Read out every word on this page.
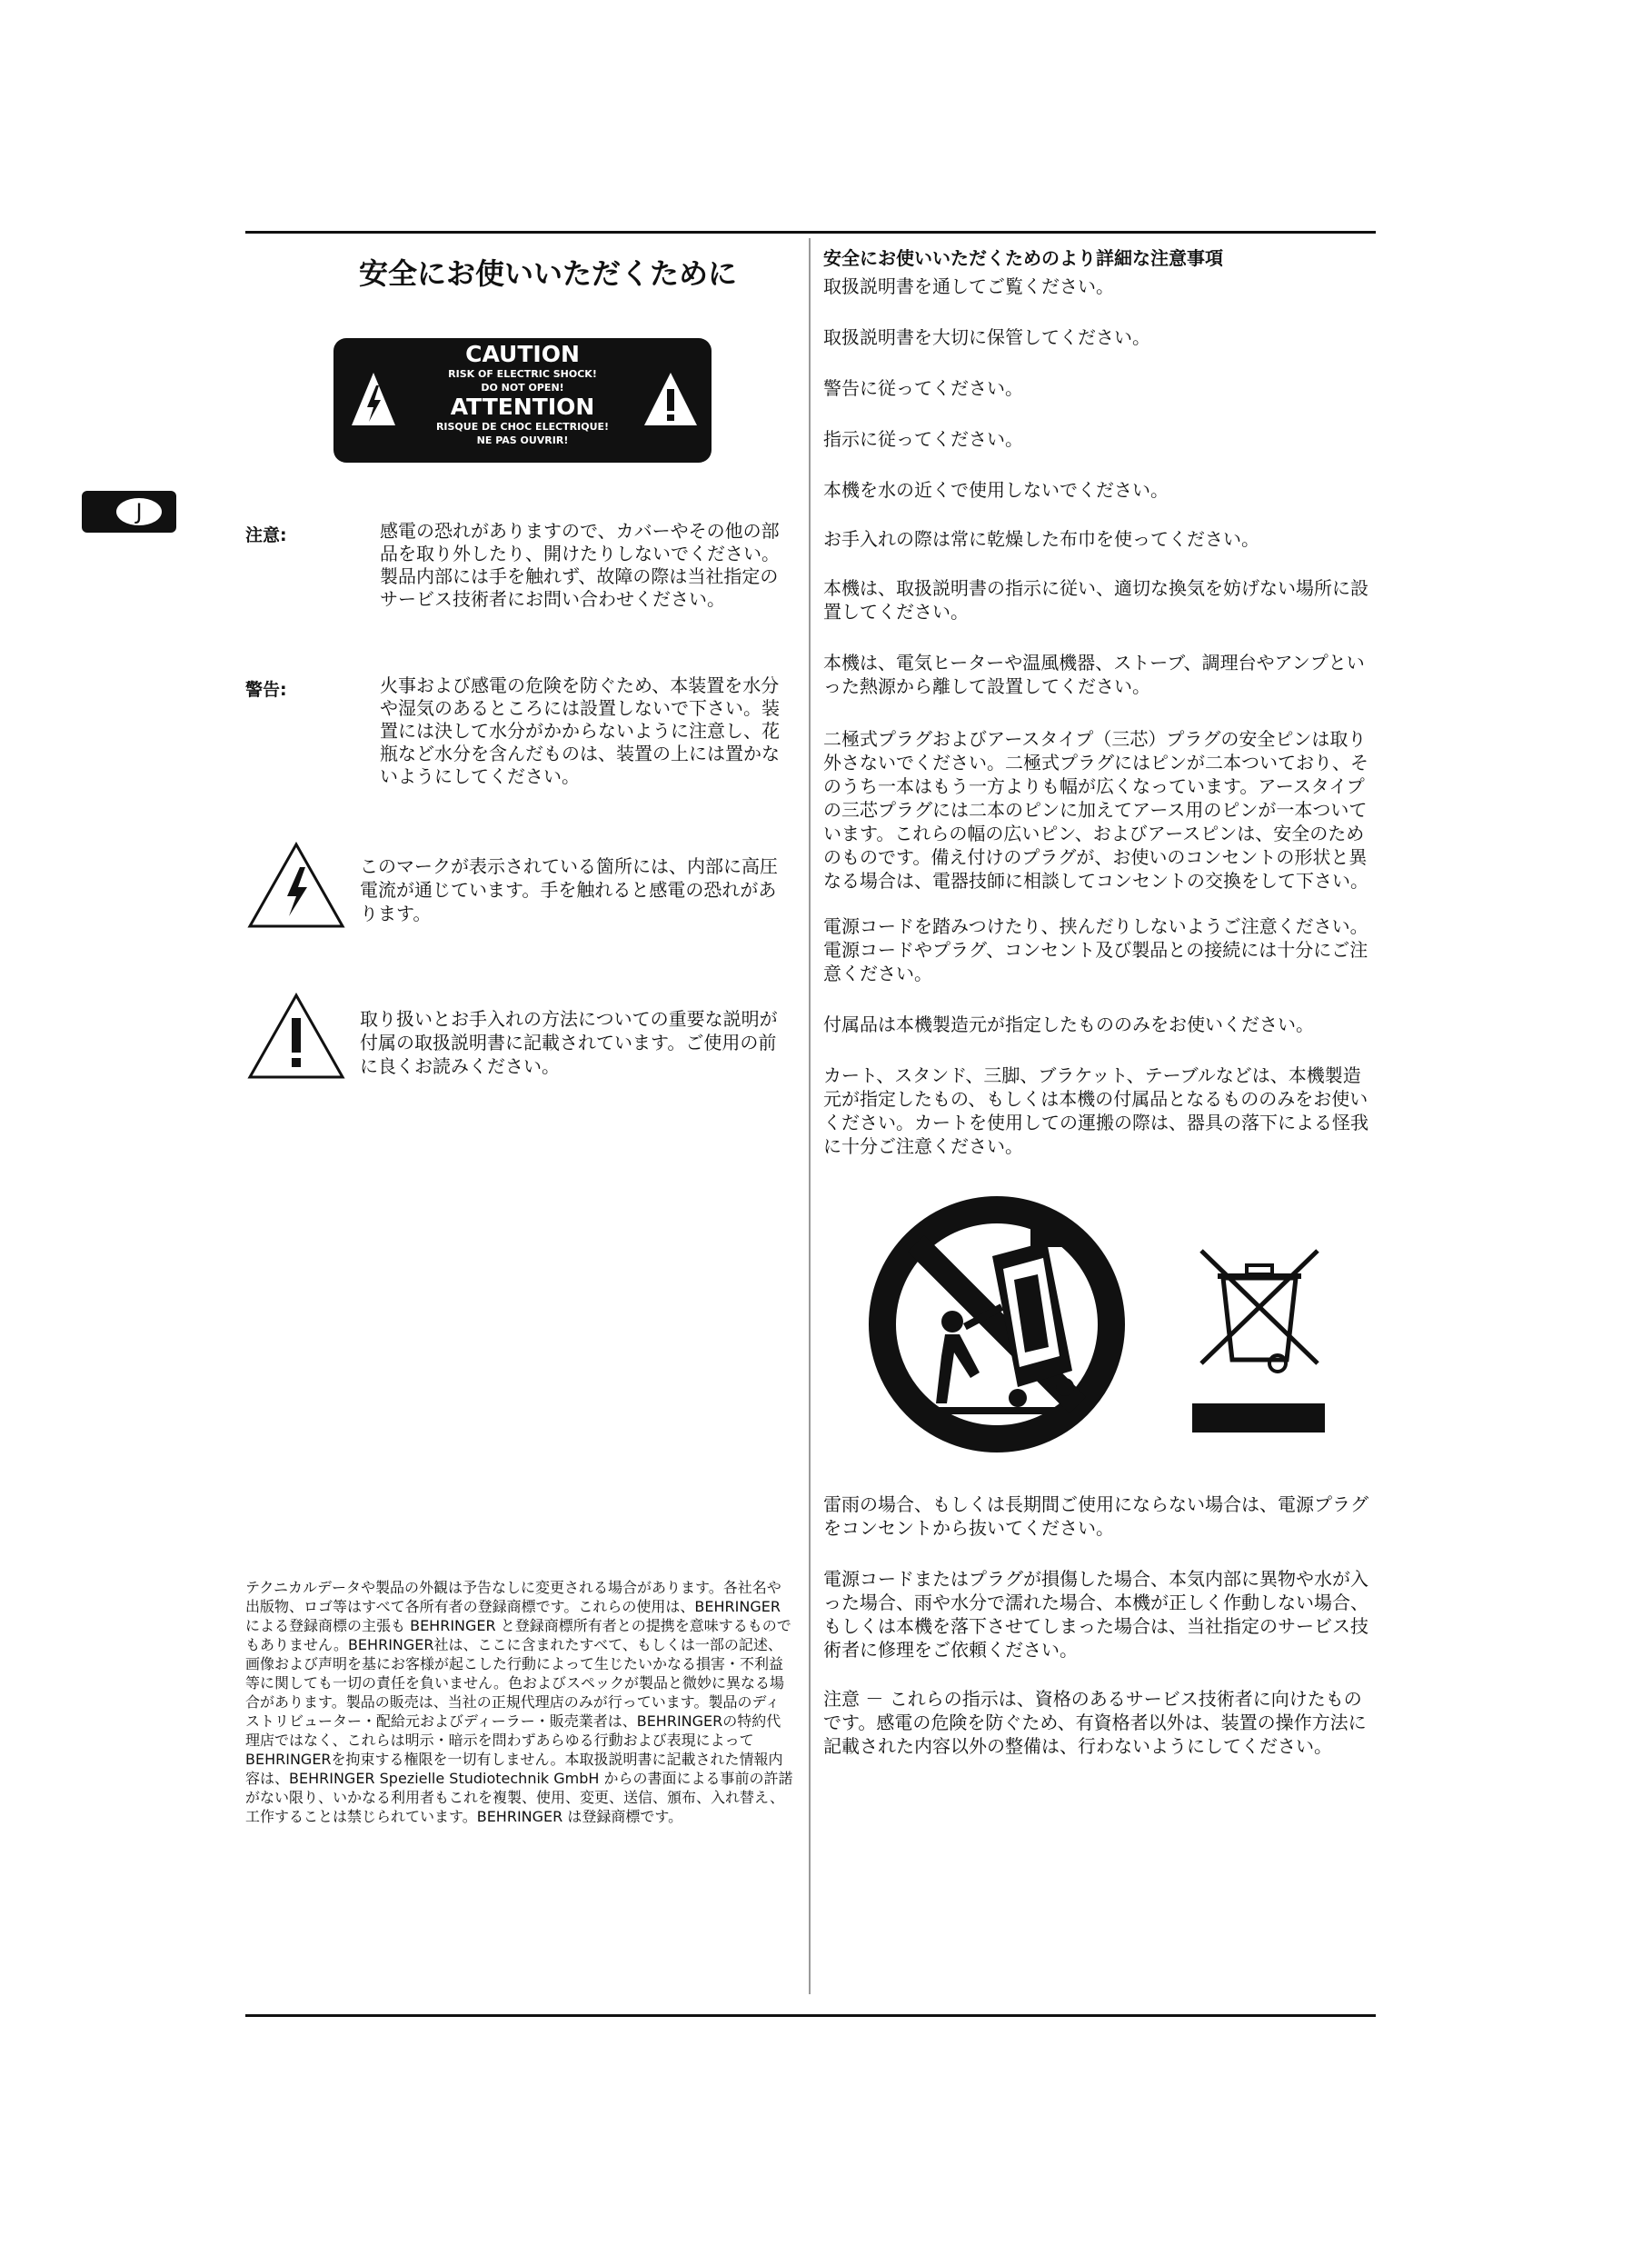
J
安全にお使いいただくために
CAUTION
RISK OF ELECTRIC SHOCK!
DO NOT OPEN!
ATTENTION
RISQUE DE CHOC ELECTRIQUE!
NE PAS OUVRIR!
注意:	感電の恐れがありますので、カバーやその他の部品を取り外したり、開けたりしないでください。製品内部には手を触れず、故障の際は当社指定のサービス技術者にお問い合わせください。
警告:	火事および感電の危険を防ぐため、本装置を水分や湿気のあるところには設置しないで下さい。装置には決して水分がかからないように注意し、花瓶など水分を含んだものは、装置の上には置かないようにしてください。
このマークが表示されている箇所には、内部に高圧電流が通じています。手を触れると感電の恐れがあります。
取り扱いとお手入れの方法についての重要な説明が付属の取扱説明書に記載されています。ご使用の前に良くお読みください。
テクニカルデータや製品の外観は予告なしに変更される場合があります。各社名や出版物、ロゴ等はすべて各所有者の登録商標です。これらの使用は、BEHRINGERによる登録商標の主張も BEHRINGER と登録商標所有者との提携を意味するものでもありません。BEHRINGER社は、ここに含まれたすべて、もしくは一部の記述、画像および声明を基にお客様が起こした行動によって生じたいかなる損害・不利益等に関しても一切の責任を負いません。色およびスペックが製品と微妙に異なる場合があります。製品の販売は、当社の正規代理店のみが行っています。製品のディストリビューター・配給元およびディーラー・販売業者は、BEHRINGERの特約代理店ではなく、これらは明示・暗示を問わずあらゆる行動および表現によってBEHRINGERを拘束する権限を一切有しません。本取扱説明書に記載された情報内容は、BEHRINGER Spezielle Studiotechnik GmbH からの書面による事前の許諾がない限り、いかなる利用者もこれを複製、使用、変更、送信、頒布、入れ替え、工作することは禁じられています。BEHRINGER は登録商標です。
安全にお使いいただくためのより詳細な注意事項

取扱説明書を通してご覧ください。

取扱説明書を大切に保管してください。

警告に従ってください。

指示に従ってください。

本機を水の近くで使用しないでください。

お手入れの際は常に乾燥した布巾を使ってください。

本機は、取扱説明書の指示に従い、適切な換気を妨げない場所に設置してください。

本機は、電気ヒーターや温風機器、ストーブ、調理台やアンプといった熱源から離して設置してください。

二極式プラグおよびアースタイプ（三芯）プラグの安全ピンは取り外さないでください。二極式プラグにはピンが二本ついており、そのうち一本はもう一方よりも幅が広くなっています。アースタイプの三芯プラグには二本のピンに加えてアース用のピンが一本ついています。これらの幅の広いピン、およびアースピンは、安全のためのものです。備え付けのプラグが、お使いのコンセントの形状と異なる場合は、電器技師に相談してコンセントの交換をして下さい。

電源コードを踏みつけたり、挟んだりしないようご注意ください。電源コードやプラグ、コンセント及び製品との接続には十分にご注意ください。

付属品は本機製造元が指定したもののみをお使いください。

カート、スタンド、三脚、ブラケット、テーブルなどは、本機製造元が指定したもの、もしくは本機の付属品となるもののみをお使いください。カートを使用しての運搬の際は、器具の落下による怪我に十分ご注意ください。

雷雨の場合、もしくは長期間ご使用にならない場合は、電源プラグをコンセントから抜いてください。

電源コードまたはプラグが損傷した場合、本気内部に異物や水が入った場合、雨や水分で濡れた場合、本機が正しく作動しない場合、もしくは本機を落下させてしまった場合は、当社指定のサービス技術者に修理をご依頼ください。

注意 － これらの指示は、資格のあるサービス技術者に向けたものです。感電の危険を防ぐため、有資格者以外は、装置の操作方法に記載された内容以外の整備は、行わないようにしてください。
